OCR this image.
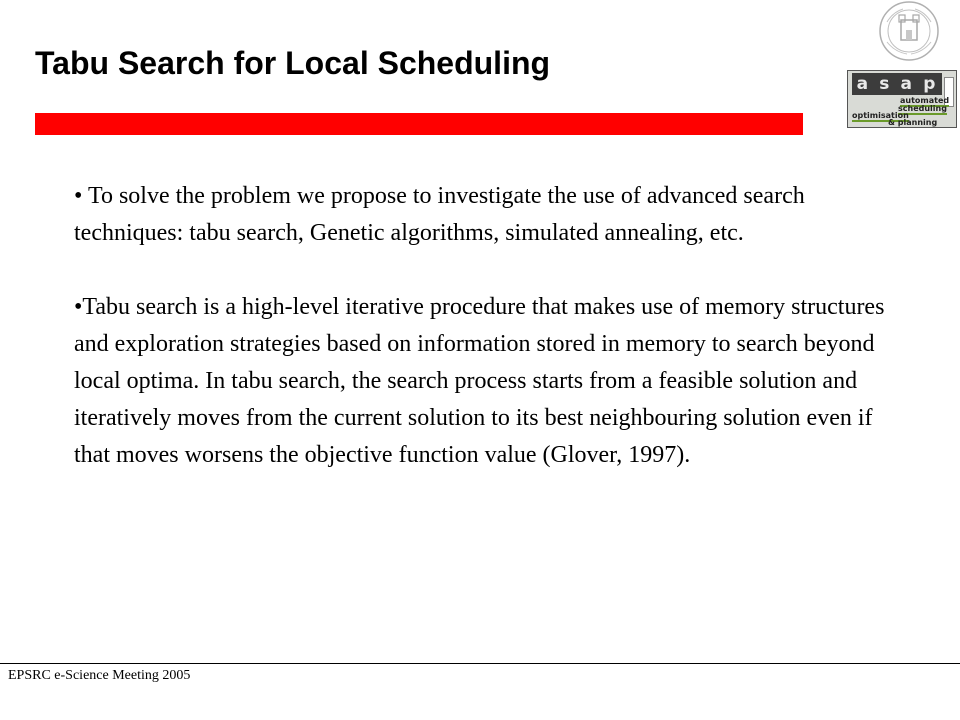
Tabu Search for Local Scheduling
a s a p
automated
scheduling
optimisation
& planning

• To solve the problem we propose to investigate the use of advanced search techniques: tabu search, Genetic algorithms, simulated annealing, etc.

•Tabu search is a high-level iterative procedure that makes use of memory structures and exploration strategies based on information stored in memory to search beyond local optima. In tabu search, the search process starts from a feasible solution and iteratively moves from the current solution to its best neighbouring solution even if that moves worsens the objective function value (Glover, 1997).

EPSRC e-Science Meeting 2005
